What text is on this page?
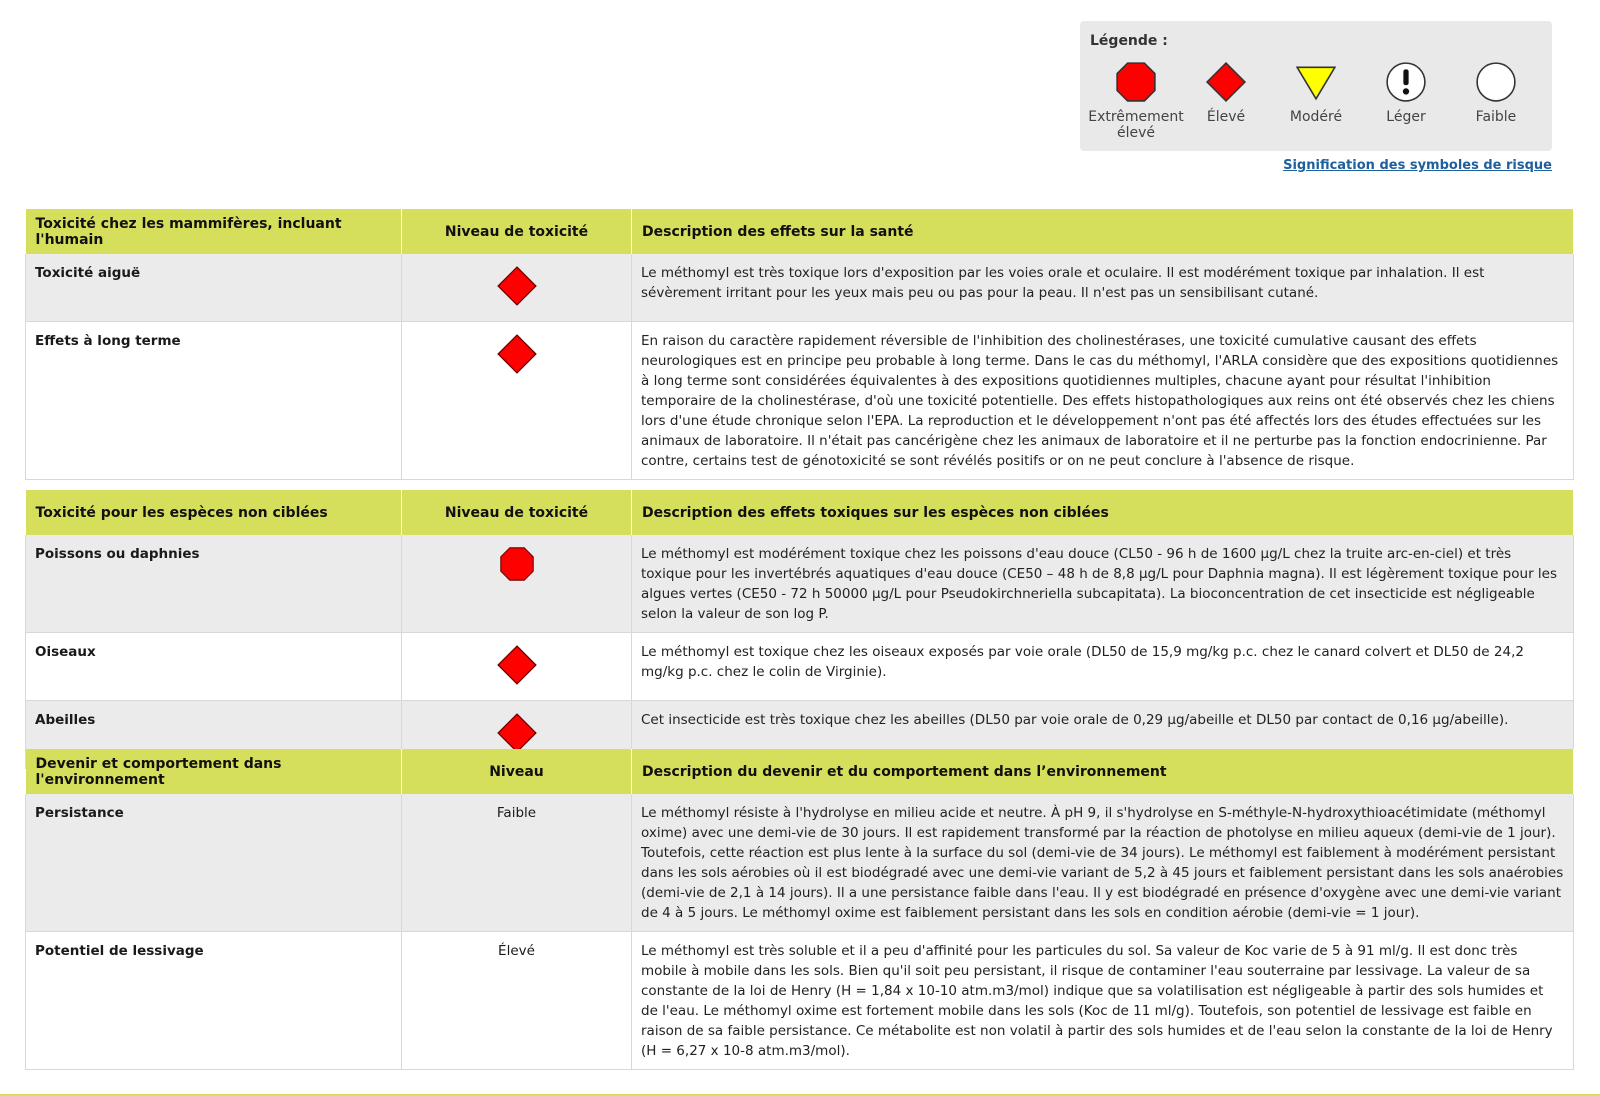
Légende :
Extrêmement élevé
Élevé	Modéré	Léger	Faible
Signification des symboles de risque
Toxicité chez les mammifères, incluant l'humain	Niveau de toxicité	Description des effets sur la santé
Toxicité aiguë		Le méthomyl est très toxique lors d'exposition par les voies orale et oculaire. Il est modérément toxique par inhalation. Il est sévèrement irritant pour les yeux mais peu ou pas pour la peau. Il n'est pas un sensibilisant cutané.
Effets à long terme		En raison du caractère rapidement réversible de l'inhibition des cholinestérases, une toxicité cumulative causant des effets neurologiques est en principe peu probable à long terme. Dans le cas du méthomyl, l'ARLA considère que des expositions quotidiennes à long terme sont considérées équivalentes à des expositions quotidiennes multiples, chacune ayant pour résultat l'inhibition temporaire de la cholinestérase, d'où une toxicité potentielle. Des effets histopathologiques aux reins ont été observés chez les chiens lors d'une étude chronique selon l'EPA. La reproduction et le développement n'ont pas été affectés lors des études effectuées sur les animaux de laboratoire. Il n'était pas cancérigène chez les animaux de laboratoire et il ne perturbe pas la fonction endocrinienne. Par contre, certains test de génotoxicité se sont révélés positifs or on ne peut conclure à l'absence de risque.
Toxicité pour les espèces non ciblées	Niveau de toxicité	Description des effets toxiques sur les espèces non ciblées
Poissons ou daphnies		Le méthomyl est modérément toxique chez les poissons d'eau douce (CL50 - 96 h de 1600 µg/L chez la truite arc-en-ciel) et très toxique pour les invertébrés aquatiques d'eau douce (CE50 – 48 h de 8,8 µg/L pour Daphnia magna). Il est légèrement toxique pour les algues vertes (CE50 - 72 h 50000 µg/L pour Pseudokirchneriella subcapitata). La bioconcentration de cet insecticide est négligeable selon la valeur de son log P.
Oiseaux		Le méthomyl est toxique chez les oiseaux exposés par voie orale (DL50 de 15,9 mg/kg p.c. chez le canard colvert et DL50 de 24,2 mg/kg p.c. chez le colin de Virginie).
Abeilles		Cet insecticide est très toxique chez les abeilles (DL50 par voie orale de 0,29 µg/abeille et DL50 par contact de 0,16 µg/abeille).
Devenir et comportement dans l'environnement	Niveau	Description du devenir et du comportement dans l’environnement
Persistance	Faible	Le méthomyl résiste à l'hydrolyse en milieu acide et neutre. À pH 9, il s'hydrolyse en S-méthyle-N-hydroxythioacétimidate (méthomyl oxime) avec une demi-vie de 30 jours. Il est rapidement transformé par la réaction de photolyse en milieu aqueux (demi-vie de 1 jour). Toutefois, cette réaction est plus lente à la surface du sol (demi-vie de 34 jours). Le méthomyl est faiblement à modérément persistant dans les sols aérobies où il est biodégradé avec une demi-vie variant de 5,2 à 45 jours et faiblement persistant dans les sols anaérobies (demi-vie de 2,1 à 14 jours). Il a une persistance faible dans l'eau. Il y est biodégradé en présence d'oxygène avec une demi-vie variant de 4 à 5 jours. Le méthomyl oxime est faiblement persistant dans les sols en condition aérobie (demi-vie = 1 jour).
Potentiel de lessivage	Élevé	Le méthomyl est très soluble et il a peu d'affinité pour les particules du sol. Sa valeur de Koc varie de 5 à 91 ml/g. Il est donc très mobile à mobile dans les sols. Bien qu'il soit peu persistant, il risque de contaminer l'eau souterraine par lessivage. La valeur de sa constante de la loi de Henry (H = 1,84 x 10-10 atm.m3/mol) indique que sa volatilisation est négligeable à partir des sols humides et de l'eau. Le méthomyl oxime est fortement mobile dans les sols (Koc de 11 ml/g). Toutefois, son potentiel de lessivage est faible en raison de sa faible persistance. Ce métabolite est non volatil à partir des sols humides et de l'eau selon la constante de la loi de Henry (H = 6,27 x 10-8 atm.m3/mol).
